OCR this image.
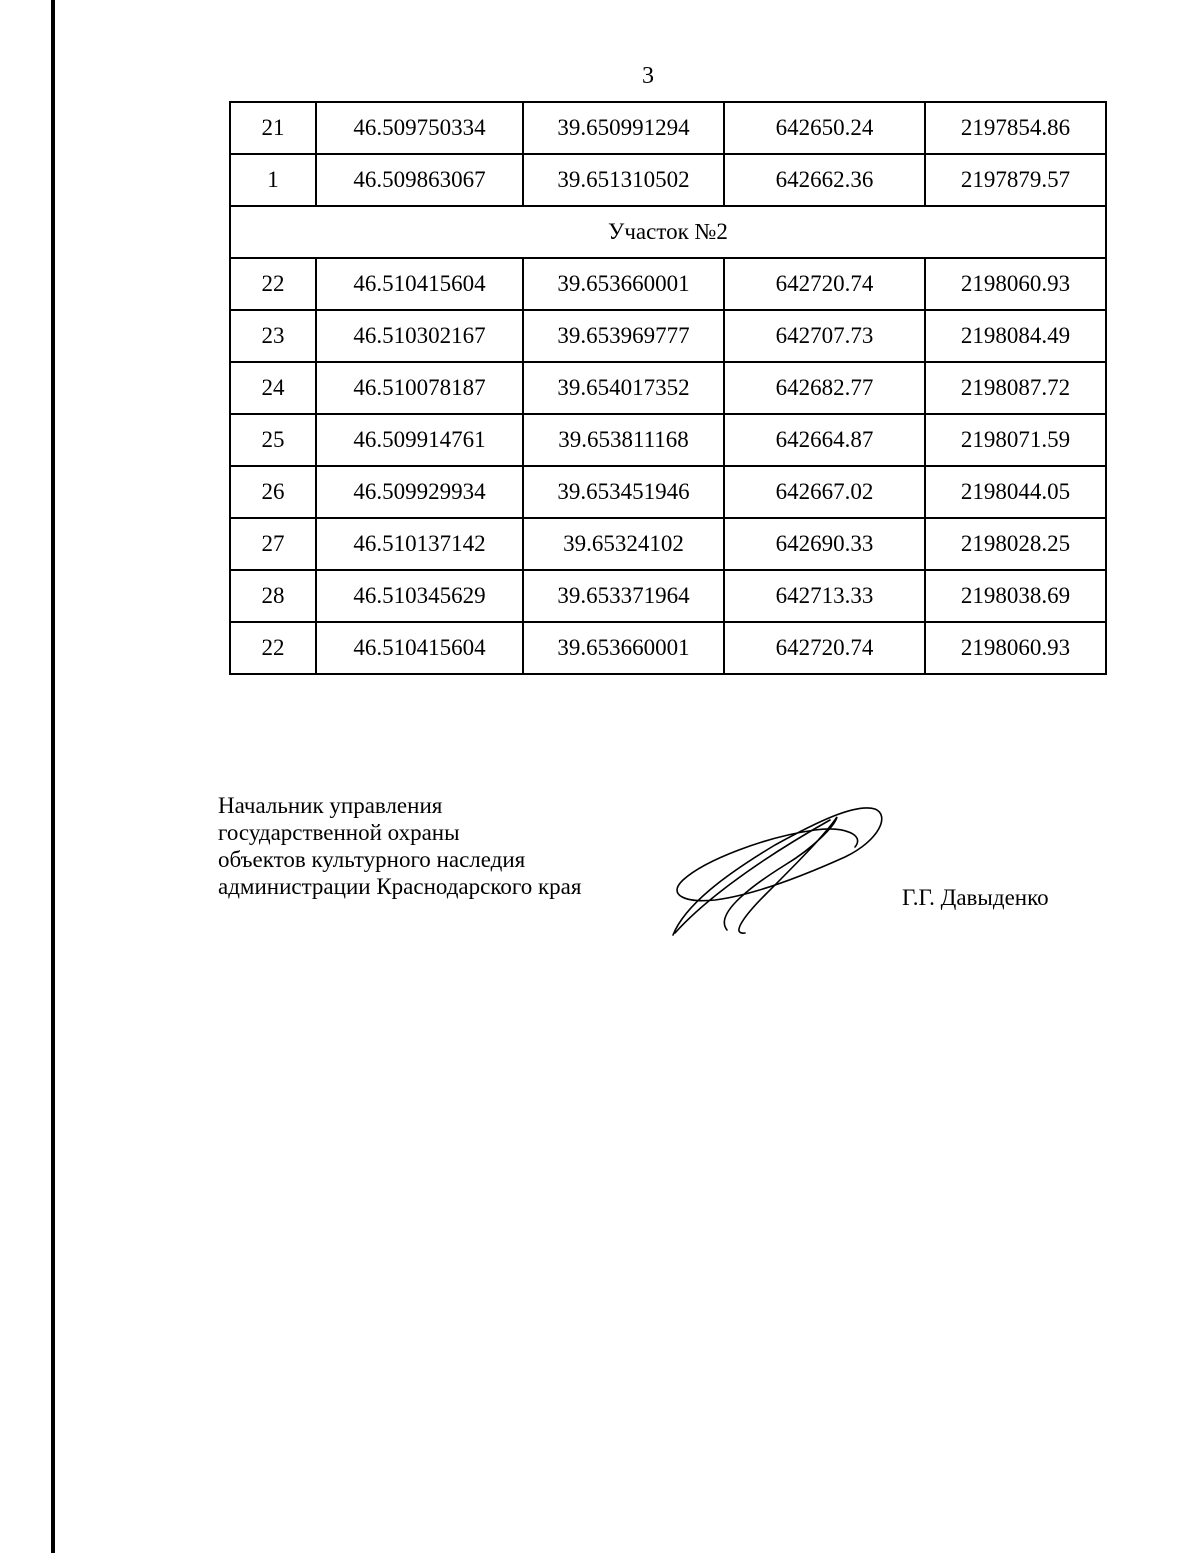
3
21	46.509750334	39.650991294	642650.24	2197854.86
1	46.509863067	39.651310502	642662.36	2197879.57
Участок №2				
22	46.510415604	39.653660001	642720.74	2198060.93
23	46.510302167	39.653969777	642707.73	2198084.49
24	46.510078187	39.654017352	642682.77	2198087.72
25	46.509914761	39.653811168	642664.87	2198071.59
26	46.509929934	39.653451946	642667.02	2198044.05
27	46.510137142	39.65324102	642690.33	2198028.25
28	46.510345629	39.653371964	642713.33	2198038.69
22	46.510415604	39.653660001	642720.74	2198060.93
Начальник управления
государственной охраны
объектов культурного наследия
администрации Краснодарского края	Г.Г. Давыденко
